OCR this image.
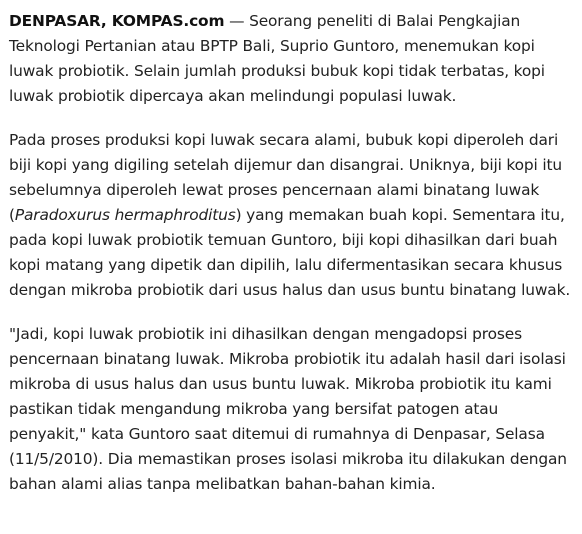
DENPASAR, KOMPAS.com — Seorang peneliti di Balai Pengkajian Teknologi Pertanian atau BPTP Bali, Suprio Guntoro, menemukan kopi luwak probiotik. Selain jumlah produksi bubuk kopi tidak terbatas, kopi luwak probiotik dipercaya akan melindungi populasi luwak.

Pada proses produksi kopi luwak secara alami, bubuk kopi diperoleh dari biji kopi yang digiling setelah dijemur dan disangrai. Uniknya, biji kopi itu sebelumnya diperoleh lewat proses pencernaan alami binatang luwak (Paradoxurus hermaphroditus) yang memakan buah kopi. Sementara itu, pada kopi luwak probiotik temuan Guntoro, biji kopi dihasilkan dari buah kopi matang yang dipetik dan dipilih, lalu difermentasikan secara khusus dengan mikroba probiotik dari usus halus dan usus buntu binatang luwak.

"Jadi, kopi luwak probiotik ini dihasilkan dengan mengadopsi proses pencernaan binatang luwak. Mikroba probiotik itu adalah hasil dari isolasi mikroba di usus halus dan usus buntu luwak. Mikroba probiotik itu kami pastikan tidak mengandung mikroba yang bersifat patogen atau penyakit," kata Guntoro saat ditemui di rumahnya di Denpasar, Selasa (11/5/2010). Dia memastikan proses isolasi mikroba itu dilakukan dengan bahan alami alias tanpa melibatkan bahan-bahan kimia.
